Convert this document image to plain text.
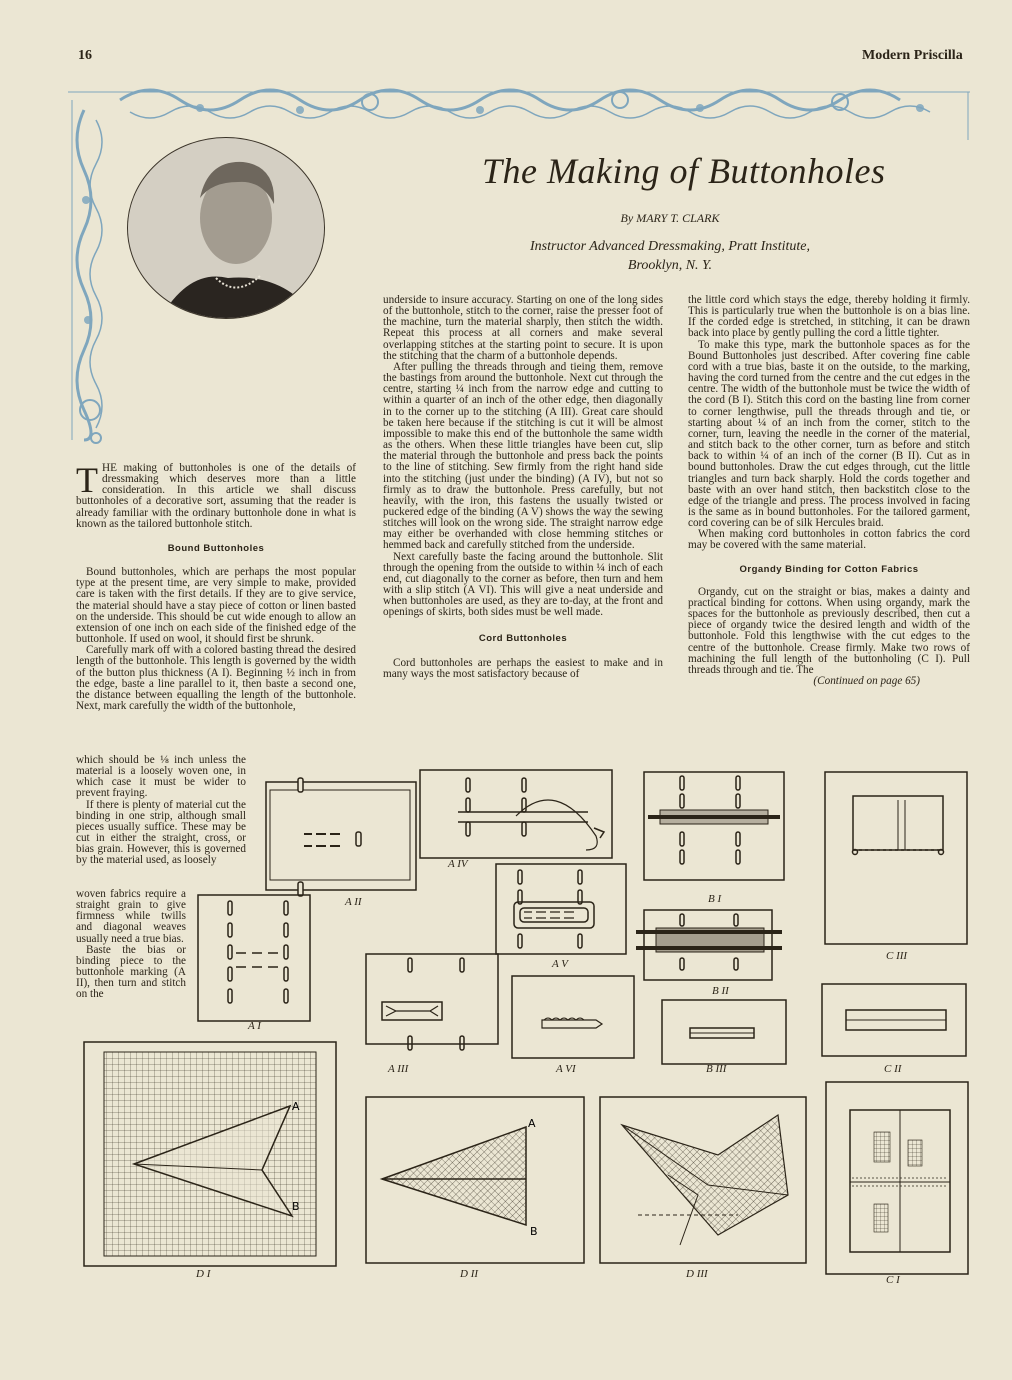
16	Modern Priscilla
The Making of Buttonholes
By MARY T. CLARK
Instructor Advanced Dressmaking, Pratt Institute,
Brooklyn, N. Y.

THE making of buttonholes is one of the details of dressmaking which deserves more than a little consideration. In this article we shall discuss buttonholes of a decorative sort, assuming that the reader is already familiar with the ordinary buttonhole done in what is known as the tailored buttonhole stitch.

Bound Buttonholes

Bound buttonholes, which are perhaps the most popular type at the present time, are very simple to make, provided care is taken with the first details. If they are to give service, the material should have a stay piece of cotton or linen basted on the underside. This should be cut wide enough to allow an extension of one inch on each side of the finished edge of the buttonhole. If used on wool, it should first be shrunk.

Carefully mark off with a colored basting thread the desired length of the buttonhole. This length is governed by the width of the button plus thickness (A I). Beginning ½ inch in from the edge, baste a line parallel to it, then baste a second one, the distance between equalling the length of the buttonhole. Next, mark carefully the width of the buttonhole,

which should be ⅛ inch unless the material is a loosely woven one, in which case it must be wider to prevent fraying.

If there is plenty of material cut the binding in one strip, although small pieces usually suffice. These may be cut in either the straight, cross, or bias grain. However, this is governed by the material used, as loosely

woven fabrics require a straight grain to give firmness while twills and diagonal weaves usually need a true bias.

Baste the bias or binding piece to the buttonhole marking (A II), then turn and stitch on the

underside to insure accuracy. Starting on one of the long sides of the buttonhole, stitch to the corner, raise the presser foot of the machine, turn the material sharply, then stitch the width. Repeat this process at all corners and make several overlapping stitches at the starting point to secure. It is upon the stitching that the charm of a buttonhole depends.

After pulling the threads through and tieing them, remove the bastings from around the buttonhole. Next cut through the centre, starting ¼ inch from the narrow edge and cutting to within a quarter of an inch of the other edge, then diagonally in to the corner up to the stitching (A III). Great care should be taken here because if the stitching is cut it will be almost impossible to make this end of the buttonhole the same width as the others. When these little triangles have been cut, slip the material through the buttonhole and press back the points to the line of stitching. Sew firmly from the right hand side into the stitching (just under the binding) (A IV), but not so firmly as to draw the buttonhole. Press carefully, but not heavily, with the iron, this fastens the usually twisted or puckered edge of the binding (A V) shows the way the sewing stitches will look on the wrong side. The straight narrow edge may either be overhanded with close hemming stitches or hemmed back and carefully stitched from the underside.

Next carefully baste the facing around the buttonhole. Slit through the opening from the outside to within ¼ inch of each end, cut diagonally to the corner as before, then turn and hem with a slip stitch (A VI). This will give a neat underside and when buttonholes are used, as they are to-day, at the front and openings of skirts, both sides must be well made.

Cord Buttonholes

Cord buttonholes are perhaps the easiest to make and in many ways the most satisfactory because of

the little cord which stays the edge, thereby holding it firmly. This is particularly true when the buttonhole is on a bias line. If the corded edge is stretched, in stitching, it can be drawn back into place by gently pulling the cord a little tighter.

To make this type, mark the buttonhole spaces as for the Bound Buttonholes just described. After covering fine cable cord with a true bias, baste it on the outside, to the marking, having the cord turned from the centre and the cut edges in the centre. The width of the buttonhole must be twice the width of the cord (B I). Stitch this cord on the basting line from corner to corner lengthwise, pull the threads through and tie, or starting about ¼ of an inch from the corner, stitch to the corner, turn, leaving the needle in the corner of the material, and stitch back to the other corner, turn as before and stitch back to within ¼ of an inch of the corner (B II). Cut as in bound buttonholes. Draw the cut edges through, cut the little triangles and turn back sharply. Hold the cords together and baste with an over hand stitch, then backstitch close to the edge of the triangle and press. The process involved in facing is the same as in bound buttonholes. For the tailored garment, cord covering can be of silk Hercules braid.

When making cord buttonholes in cotton fabrics the cord may be covered with the same material.

Organdy Binding for Cotton Fabrics

Organdy, cut on the straight or bias, makes a dainty and practical binding for cottons. When using organdy, mark the spaces for the buttonhole as previously described, then cut a piece of organdy twice the desired length and width of the buttonhole. Fold this lengthwise with the cut edges to the centre of the buttonhole. Crease firmly. Make two rows of machining the full length of the buttonholing (C I). Pull threads through and tie. The

(Continued on page 65)
A II
A I
A IV
A V
B I
B II
C III
A III	A VI	B III	C II
A
B
D I
A
B
D II	D III	C I
